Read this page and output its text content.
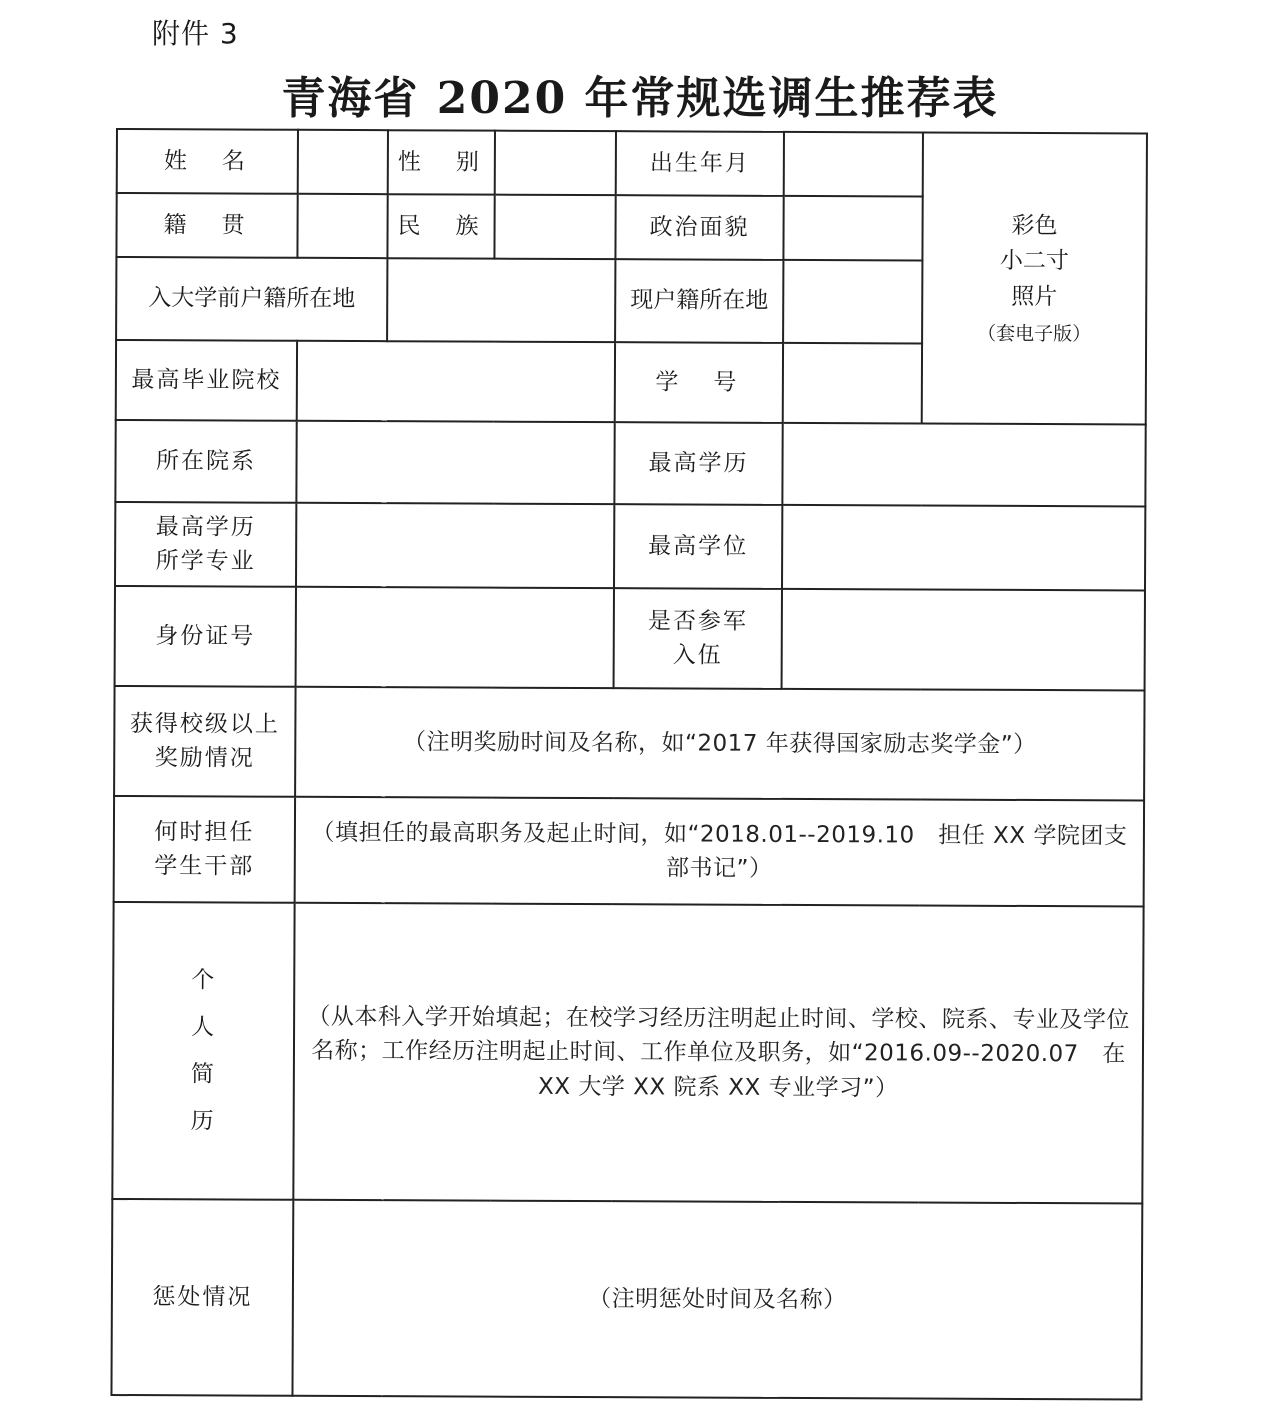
附件 3
青海省 2020 年常规选调生推荐表
姓　名		性　别		出生年月		彩色
小二寸
照片
（套电子版）

籍　贯		民　族		政治面貌		
入大学前户籍所在地				现户籍所在地		
最高毕业院校				学　号		
所在院系				最高学历		

最高学历
所学专业				最高学位		
身份证号				是否参军
入伍		

获得校级以上
奖励情况	（注明奖励时间及名称，如“2017 年获得国家励志奖学金”）					

何时担任
学生干部	（填担任的最高职务及起止时间，如“2018.01--2019.10　担任 XX 学院团支部书记”）					

个
人
简
历	（从本科入学开始填起；在校学习经历注明起止时间、学校、院系、专业及学位名称；工作经历注明起止时间、工作单位及职务，如“2016.09--2020.07　在 XX 大学 XX 院系 XX 专业学习”）					
惩处情况	（注明惩处时间及名称）					
